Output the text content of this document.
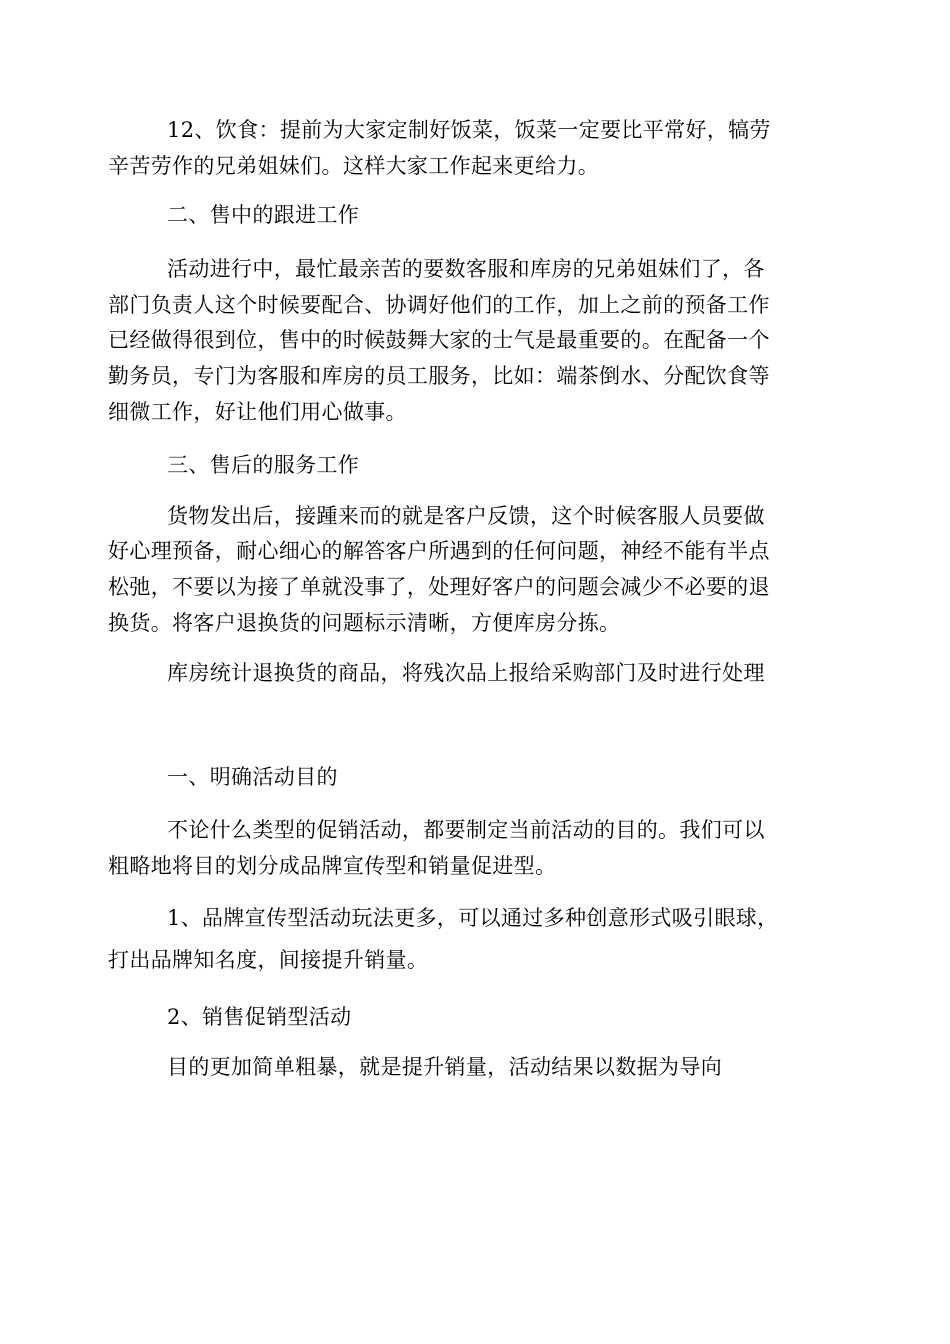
12、饮食：提前为大家定制好饭菜，饭菜一定要比平常好，犒劳
辛苦劳作的兄弟姐妹们。这样大家工作起来更给力。
二、售中的跟进工作
活动进行中，最忙最亲苦的要数客服和库房的兄弟姐妹们了，各
部门负责人这个时候要配合、协调好他们的工作，加上之前的预备工作
已经做得很到位，售中的时候鼓舞大家的士气是最重要的。在配备一个
勤务员，专门为客服和库房的员工服务，比如：端茶倒水、分配饮食等
细微工作，好让他们用心做事。
三、售后的服务工作
货物发出后，接踵来而的就是客户反馈，这个时候客服人员要做
好心理预备，耐心细心的解答客户所遇到的任何问题，神经不能有半点
松弛，不要以为接了单就没事了，处理好客户的问题会减少不必要的退
换货。将客户退换货的问题标示清晰，方便库房分拣。
库房统计退换货的商品，将残次品上报给采购部门及时进行处理
一、明确活动目的
不论什么类型的促销活动，都要制定当前活动的目的。我们可以
粗略地将目的划分成品牌宣传型和销量促进型。
1、品牌宣传型活动玩法更多，可以通过多种创意形式吸引眼球，
打出品牌知名度，间接提升销量。
2、销售促销型活动
目的更加简单粗暴，就是提升销量，活动结果以数据为导向
